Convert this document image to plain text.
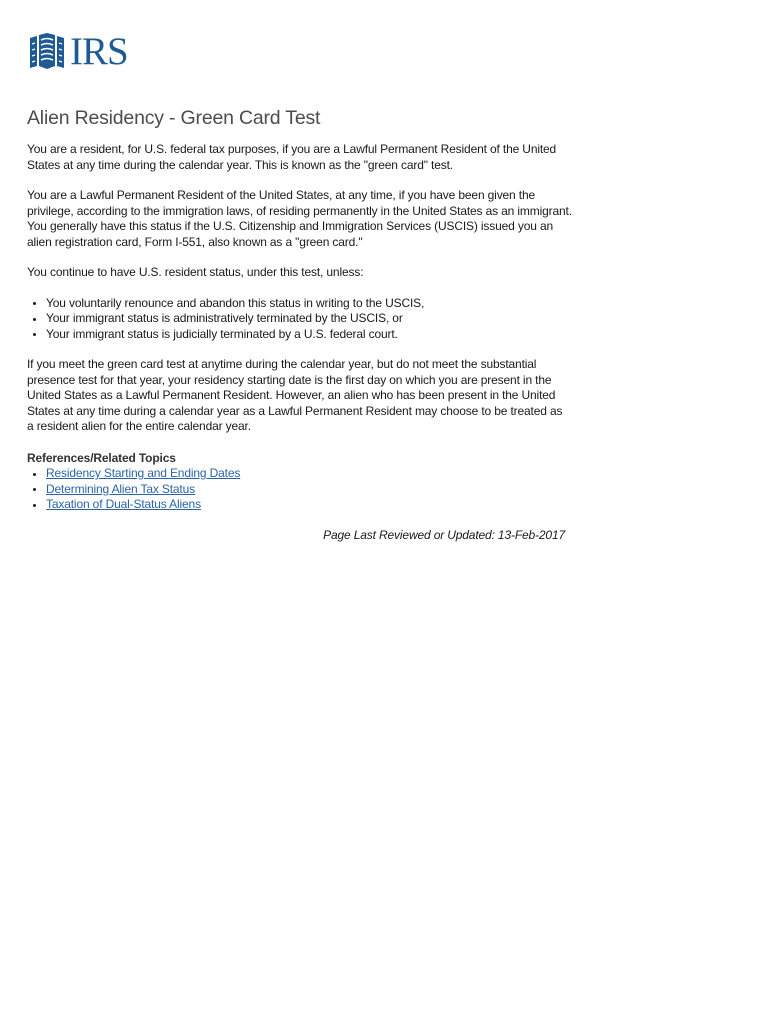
IRS
Alien Residency - Green Card Test

You are a resident, for U.S. federal tax purposes, if you are a Lawful Permanent Resident of the United States at any time during the calendar year. This is known as the "green card" test.

You are a Lawful Permanent Resident of the United States, at any time, if you have been given the privilege, according to the immigration laws, of residing permanently in the United States as an immigrant. You generally have this status if the U.S. Citizenship and Immigration Services (USCIS) issued you an alien registration card, Form I-551, also known as a "green card."

You continue to have U.S. resident status, under this test, unless:

You voluntarily renounce and abandon this status in writing to the USCIS,
Your immigrant status is administratively terminated by the USCIS, or
Your immigrant status is judicially terminated by a U.S. federal court.

If you meet the green card test at anytime during the calendar year, but do not meet the substantial presence test for that year, your residency starting date is the first day on which you are present in the United States as a Lawful Permanent Resident. However, an alien who has been present in the United States at any time during a calendar year as a Lawful Permanent Resident may choose to be treated as a resident alien for the entire calendar year.

References/Related Topics
Residency Starting and Ending Dates
Determining Alien Tax Status
Taxation of Dual-Status Aliens
Page Last Reviewed or Updated: 13-Feb-2017
